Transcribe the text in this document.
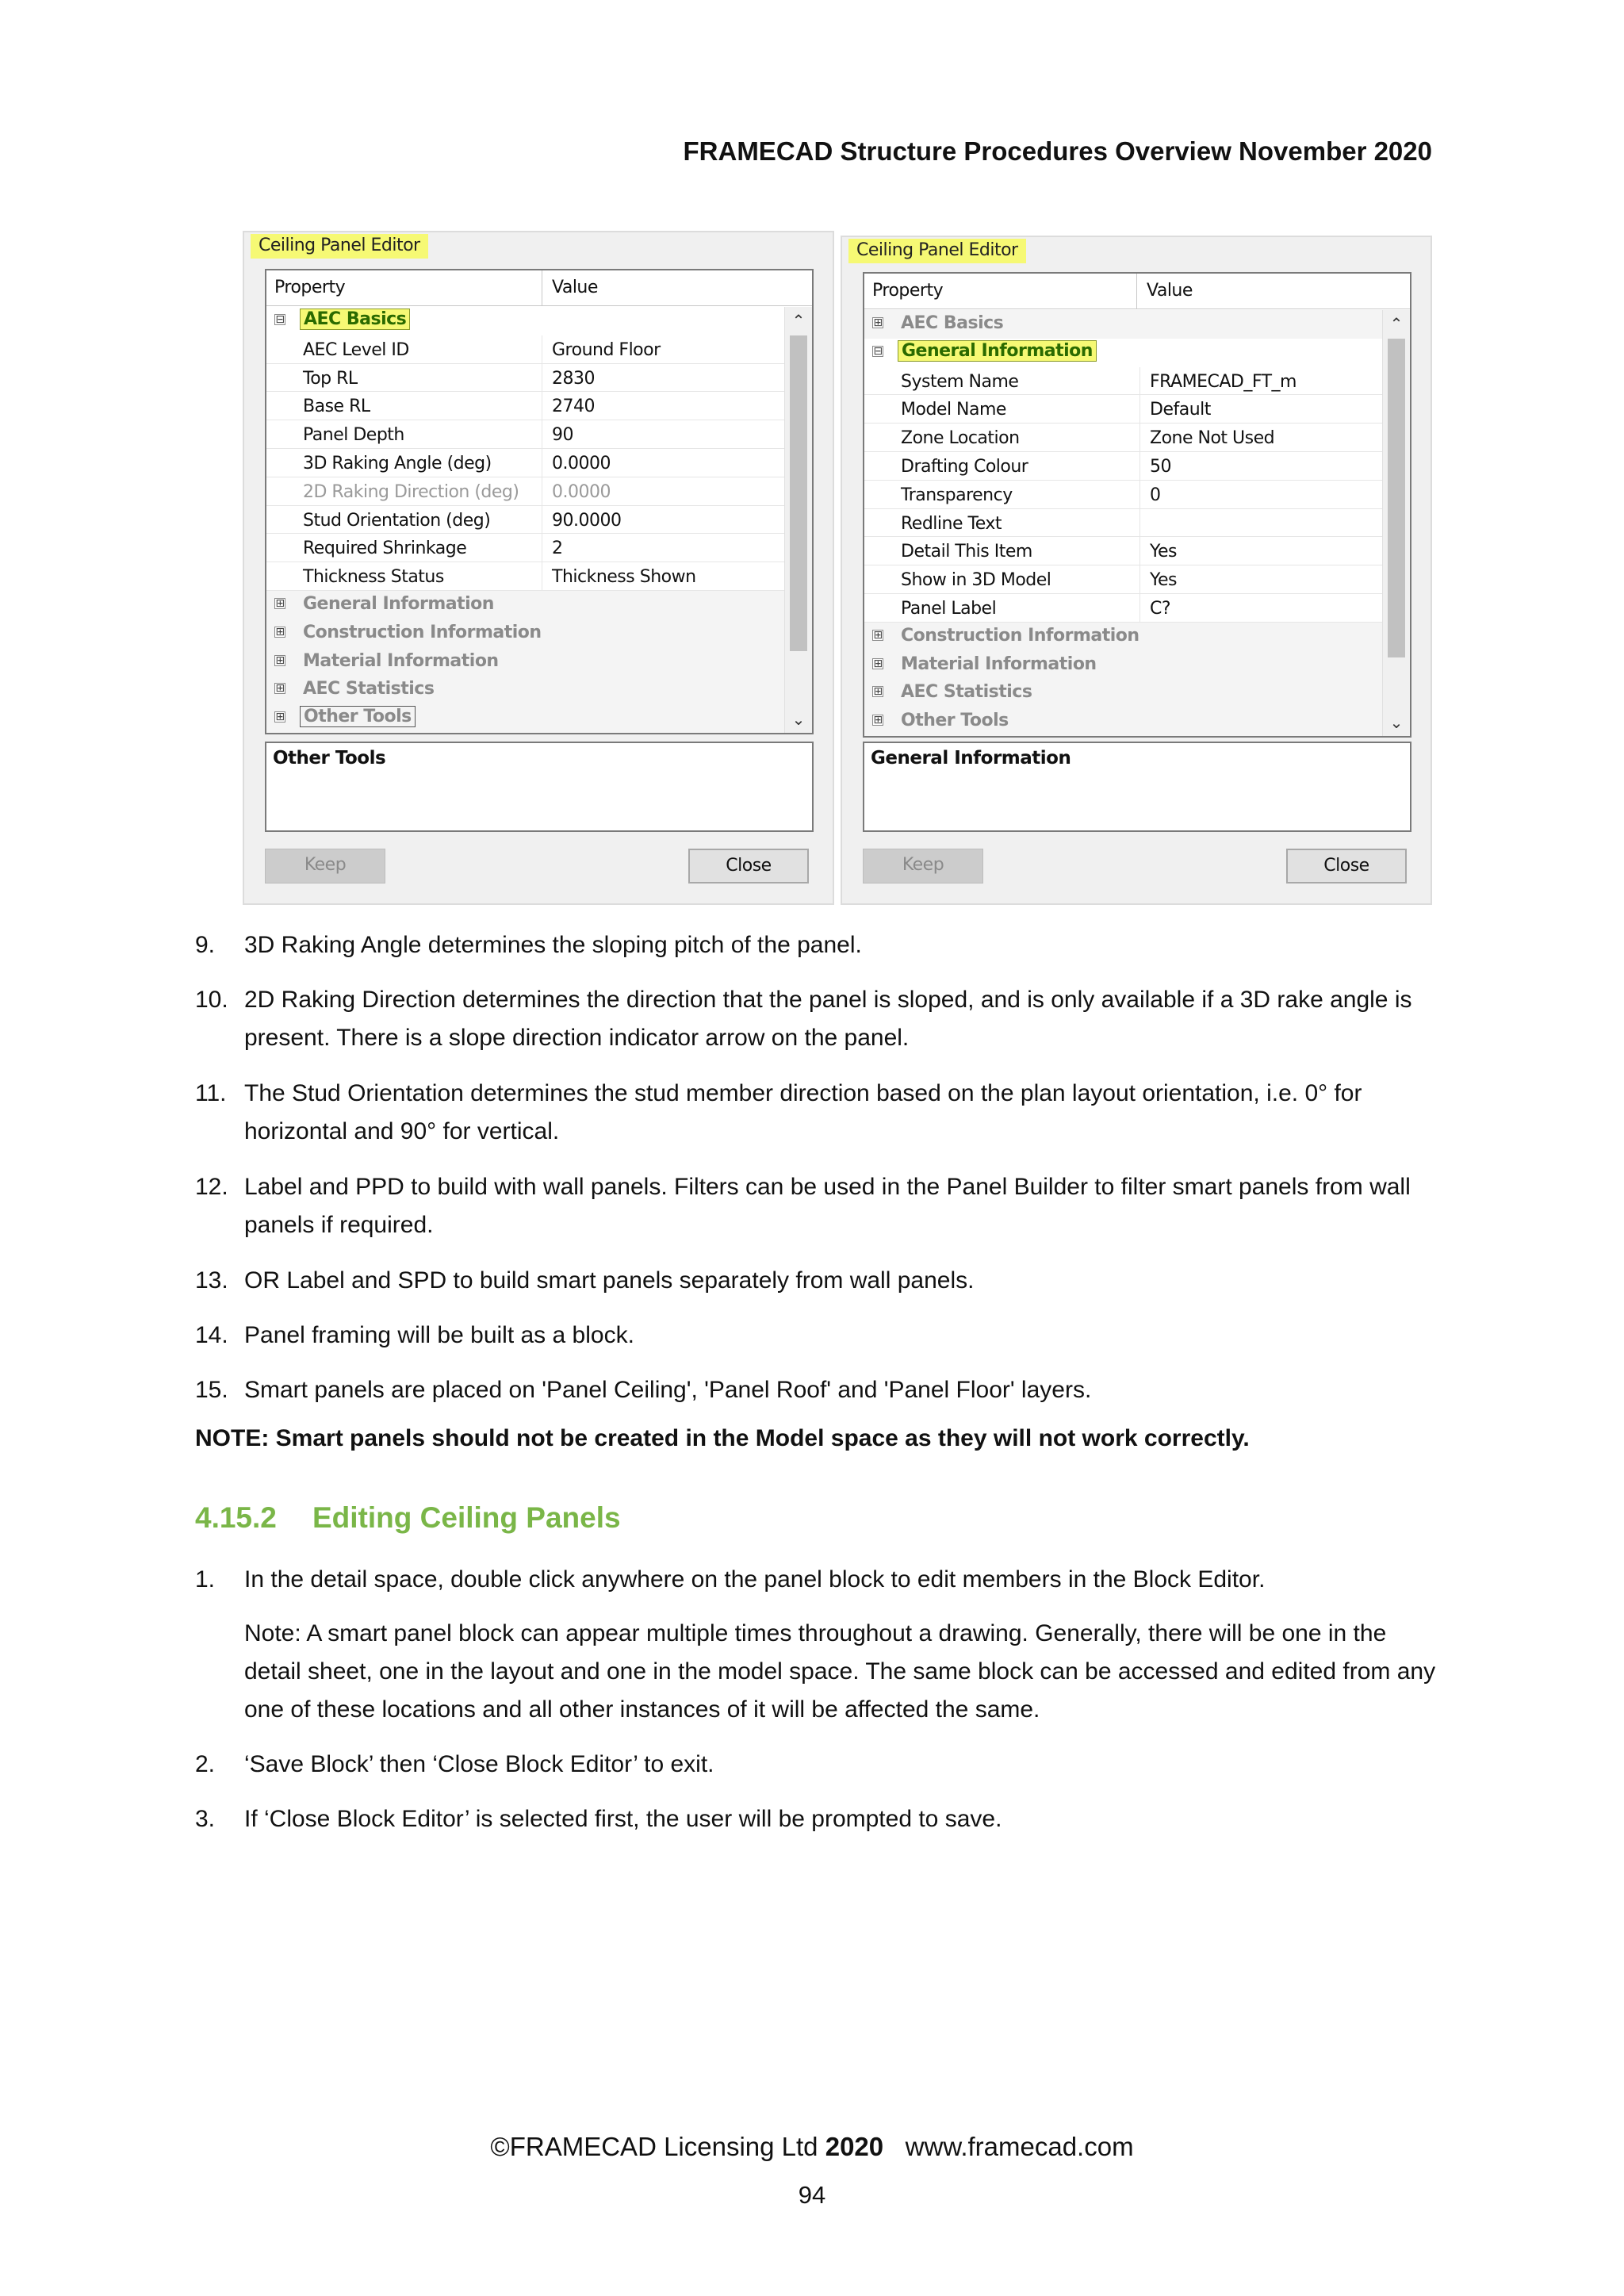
FRAMECAD Structure Procedures Overview November 2020
Ceiling Panel Editor
Property	Value
⊟ AEC Basics
AEC Level ID	Ground Floor
Top RL	2830
Base RL	2740
Panel Depth	90
3D Raking Angle (deg)	0.0000
2D Raking Direction (deg)	0.0000
Stud Orientation (deg)	90.0000
Required Shrinkage	2
Thickness Status	Thickness Shown
⊞ General Information
⊞ Construction Information
⊞ Material Information
⊞ AEC Statistics
⊞ Other Tools
⌃
⌄
Other Tools
Keep	Close
Ceiling Panel Editor
Property	Value
⊞ AEC Basics
⊟ General Information
System Name	FRAMECAD_FT_m
Model Name	Default
Zone Location	Zone Not Used
Drafting Colour	50
Transparency	0
Redline Text
Detail This Item	Yes
Show in 3D Model	Yes
Panel Label	C?
⊞ Construction Information
⊞ Material Information
⊞ AEC Statistics
⊞ Other Tools
⌃
⌄
General Information
Keep	Close
9. 3D Raking Angle determines the sloping pitch of the panel.
10. 2D Raking Direction determines the direction that the panel is sloped, and is only available if a 3D rake angle is present. There is a slope direction indicator arrow on the panel.
11. The Stud Orientation determines the stud member direction based on the plan layout orientation, i.e. 0° for horizontal and 90° for vertical.
12. Label and PPD to build with wall panels. Filters can be used in the Panel Builder to filter smart panels from wall panels if required.
13. OR Label and SPD to build smart panels separately from wall panels.
14. Panel framing will be built as a block.
15. Smart panels are placed on 'Panel Ceiling', 'Panel Roof' and 'Panel Floor' layers.
NOTE: Smart panels should not be created in the Model space as they will not work correctly.
4.15.2 Editing Ceiling Panels
1. In the detail space, double click anywhere on the panel block to edit members in the Block Editor.
Note: A smart panel block can appear multiple times throughout a drawing. Generally, there will be one in the detail sheet, one in the layout and one in the model space. The same block can be accessed and edited from any one of these locations and all other instances of it will be affected the same.
2. ‘Save Block’ then ‘Close Block Editor’ to exit.
3. If ‘Close Block Editor’ is selected first, the user will be prompted to save.
©FRAMECAD Licensing Ltd 2020 www.framecad.com
94
